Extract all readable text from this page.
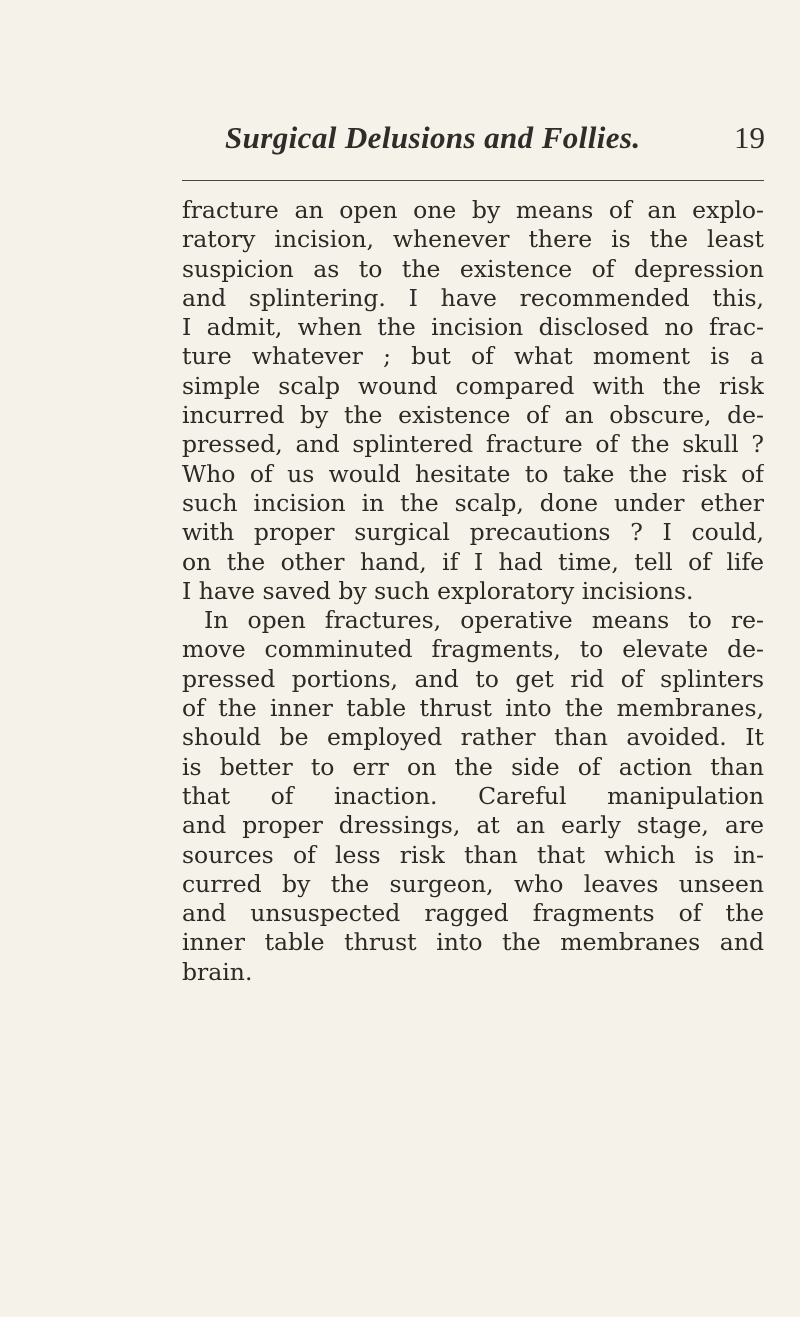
Surgical Delusions and Follies.	19
fracture an open one by means of an explo-
ratory incision, whenever there is the least
suspicion as to the existence of depression
and splintering. I have recommended this,
I admit, when the incision disclosed no frac-
ture whatever ; but of what moment is a
simple scalp wound compared with the risk
incurred by the existence of an obscure, de-
pressed, and splintered fracture of the skull ?
Who of us would hesitate to take the risk of
such incision in the scalp, done under ether
with proper surgical precautions ? I could,
on the other hand, if I had time, tell of life
I have saved by such exploratory incisions.
In open fractures, operative means to re-
move comminuted fragments, to elevate de-
pressed portions, and to get rid of splinters
of the inner table thrust into the membranes,
should be employed rather than avoided. It
is better to err on the side of action than
that of inaction. Careful manipulation
and proper dressings, at an early stage, are
sources of less risk than that which is in-
curred by the surgeon, who leaves unseen
and unsuspected ragged fragments of the
inner table thrust into the membranes and
brain.
